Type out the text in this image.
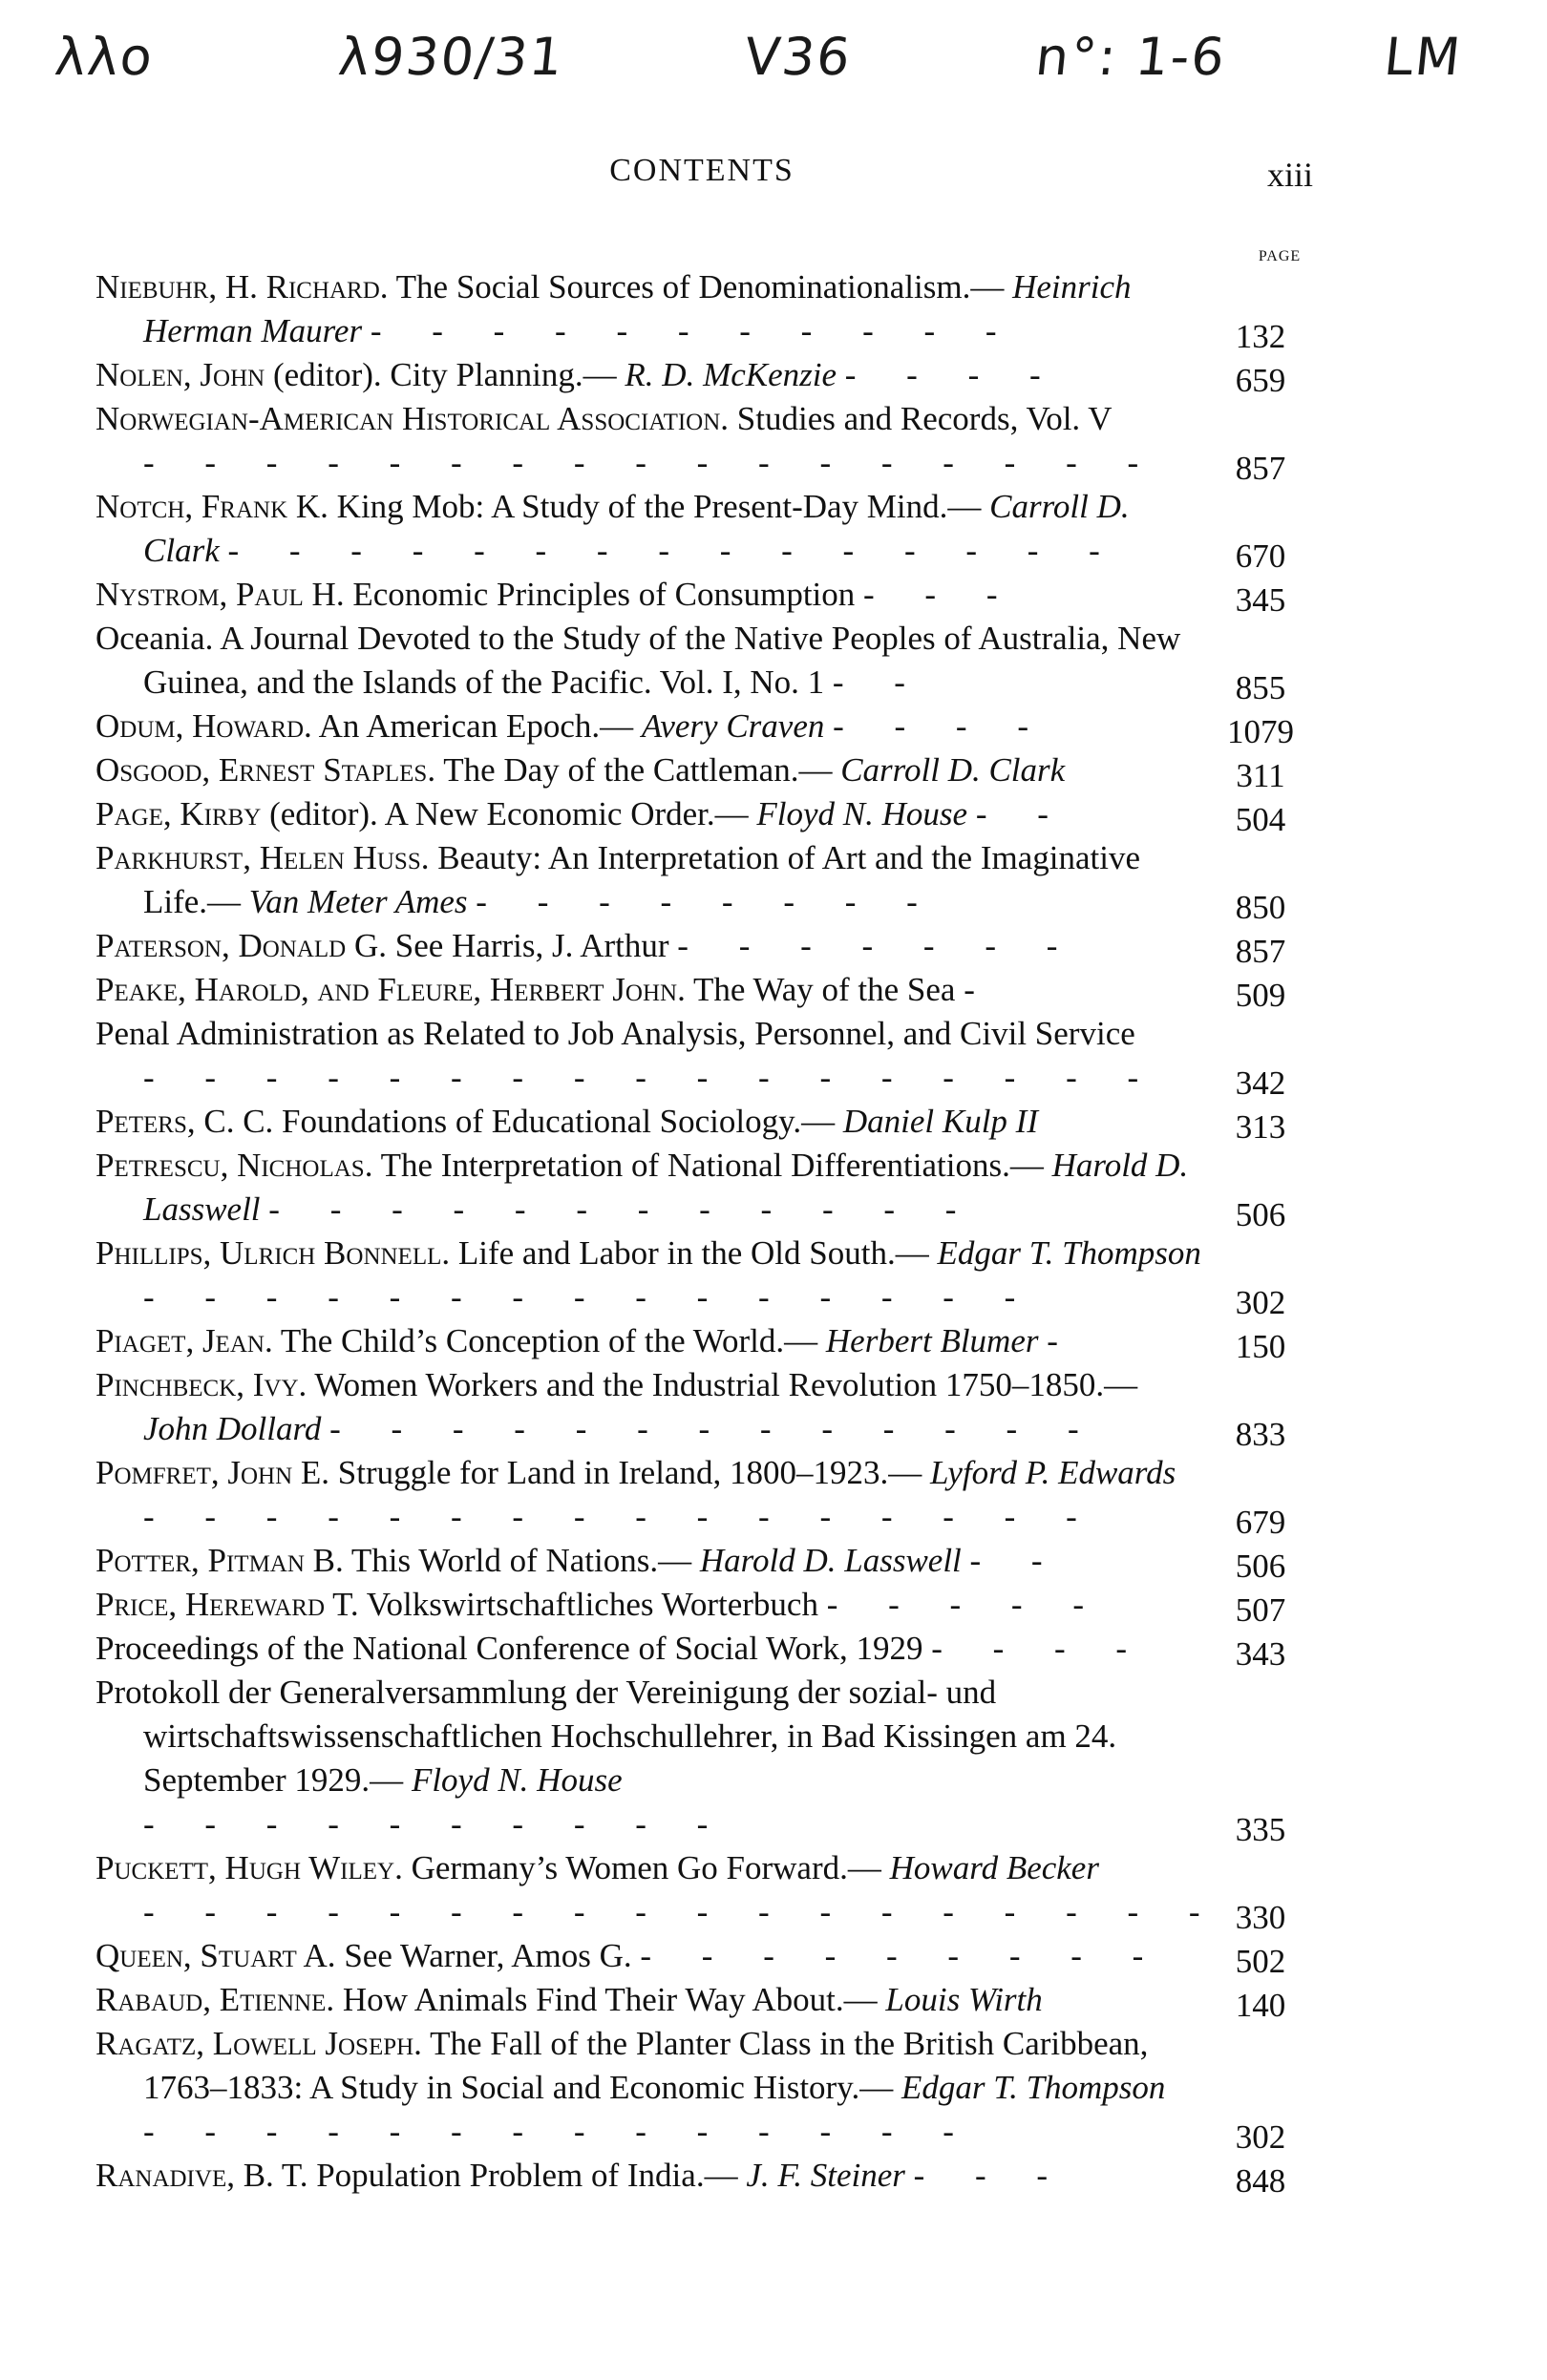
λλo	λ930/31	V36	n°: 1-6	LM
CONTENTS	xiii
PAGE
Niebuhr, H. Richard. The Social Sources of Denominationalism.— Heinrich Herman Maurer - - - - - - - - - - -	132
Nolen, John (editor). City Planning.— R. D. McKenzie - - - -	659
Norwegian-American Historical Association. Studies and Records, Vol. V - - - - - - - - - - - - - - - - -	857
Notch, Frank K. King Mob: A Study of the Present-Day Mind.— Carroll D. Clark - - - - - - - - - - - - - - -	670
Nystrom, Paul H. Economic Principles of Consumption - - -	345
Oceania. A Journal Devoted to the Study of the Native Peoples of Australia, New Guinea, and the Islands of the Pacific. Vol. I, No. 1 - -	855
Odum, Howard. An American Epoch.— Avery Craven - - - -	1079
Osgood, Ernest Staples. The Day of the Cattleman.— Carroll D. Clark	311
Page, Kirby (editor). A New Economic Order.— Floyd N. House - -	504
Parkhurst, Helen Huss. Beauty: An Interpretation of Art and the Imaginative Life.— Van Meter Ames - - - - - - - -	850
Paterson, Donald G. See Harris, J. Arthur - - - - - - -	857
Peake, Harold, and Fleure, Herbert John. The Way of the Sea -	509
Penal Administration as Related to Job Analysis, Personnel, and Civil Service - - - - - - - - - - - - - - - - -	342
Peters, C. C. Foundations of Educational Sociology.— Daniel Kulp II	313
Petrescu, Nicholas. The Interpretation of National Differentiations.— Harold D. Lasswell - - - - - - - - - - - -	506
Phillips, Ulrich Bonnell. Life and Labor in the Old South.— Edgar T. Thompson - - - - - - - - - - - - - - -	302
Piaget, Jean. The Child’s Conception of the World.— Herbert Blumer -	150
Pinchbeck, Ivy. Women Workers and the Industrial Revolution 1750–1850.— John Dollard - - - - - - - - - - - - -	833
Pomfret, John E. Struggle for Land in Ireland, 1800–1923.— Lyford P. Edwards - - - - - - - - - - - - - - - -	679
Potter, Pitman B. This World of Nations.— Harold D. Lasswell - -	506
Price, Hereward T. Volkswirtschaftliches Worterbuch - - - - -	507
Proceedings of the National Conference of Social Work, 1929 - - - -	343
Protokoll der Generalversammlung der Vereinigung der sozial- und wirtschaftswissenschaftlichen Hochschullehrer, in Bad Kissingen am 24. September 1929.— Floyd N. House - - - - - - - - - -	335
Puckett, Hugh Wiley. Germany’s Women Go Forward.— Howard Becker - - - - - - - - - - - - - - - - - - 330
Queen, Stuart A. See Warner, Amos G. - - - - - - - - -	502
Rabaud, Etienne. How Animals Find Their Way About.— Louis Wirth	140
Ragatz, Lowell Joseph. The Fall of the Planter Class in the British Caribbean, 1763–1833: A Study in Social and Economic History.— Edgar T. Thompson - - - - - - - - - - - - - -	302
Ranadive, B. T. Population Problem of India.— J. F. Steiner - - -	848
